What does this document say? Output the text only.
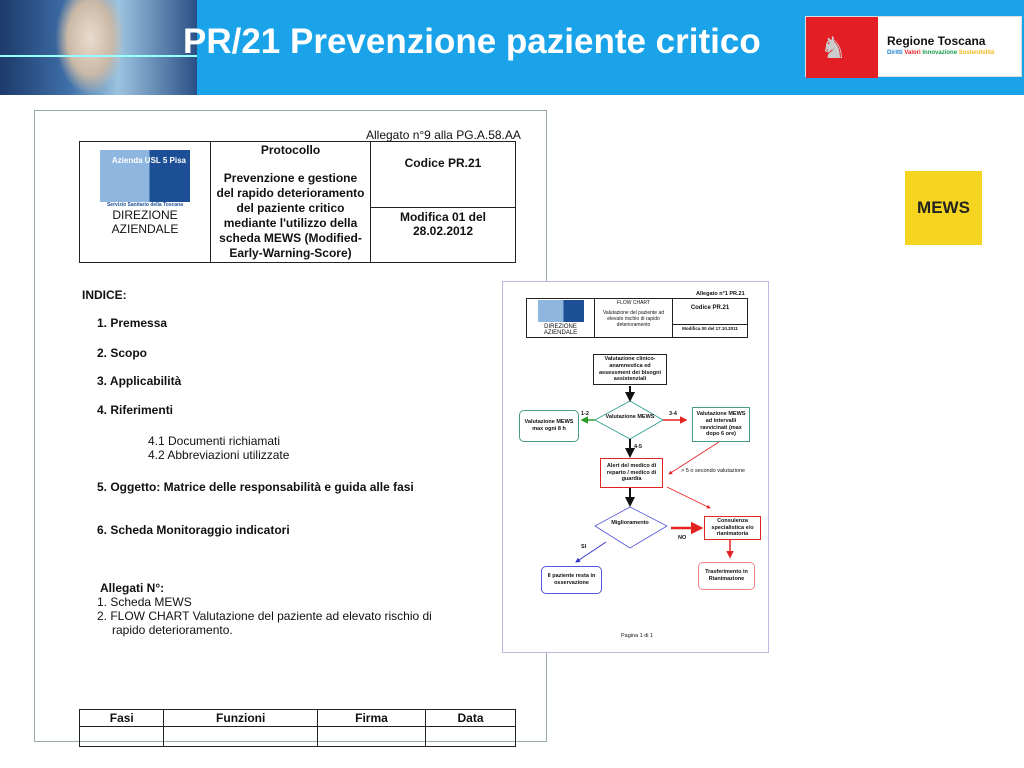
PR/21 Prevenzione paziente critico ♞	Regione Toscana
Diritti Valori Innovazione Sostenibilità
MEWS
Allegato n°9 alla PG.A.58.AA
Azienda USL 5 Pisa
Servizio Sanitario della Toscana
DIREZIONE AZIENDALE

Protocollo
Prevenzione e gestione del rapido deterioramento del paziente critico mediante l'utilizzo della scheda MEWS (Modified-Early-Warning-Score)
	Codice PR.21
Modifica 01 del 28.02.2012
INDICE:
1. Premessa
2. Scopo
3. Applicabilità
4. Riferimenti
4.1 Documenti richiamati
4.2 Abbreviazioni utilizzate
5. Oggetto: Matrice delle responsabilità e guida alle fasi
6. Scheda Monitoraggio indicatori
Allegati N°:
1. Scheda MEWS
2. FLOW CHART Valutazione del paziente ad elevato rischio di rapido deterioramento.
Fasi	Funzioni	Firma	Data

Allegato n°1 PR.21
DIREZIONE AZIENDALE

FLOW CHART
Valutazione del paziente ad elevato rischio di rapido deterioramento
	Codice PR.21
Modifica 00 del 17.10.2011
Valutazione clinico-anamnestica ed assessment dei bisogni assistenziali
Valutazione MEWS
Valutazione MEWS max ogni 8 h
Valutazione MEWS ad intervalli ravvicinati (max dopo 6 ore)
Alert del medico di reparto / medico di guardia
Miglioramento	Consulenza specialistica e/o rianimatoria
Il paziente resta in osservazione
Trasferimento in Rianimazione
1-2	3-4
4-5
> 5 o secondo valutazione
SI
NO
Pagina 1 di 1
